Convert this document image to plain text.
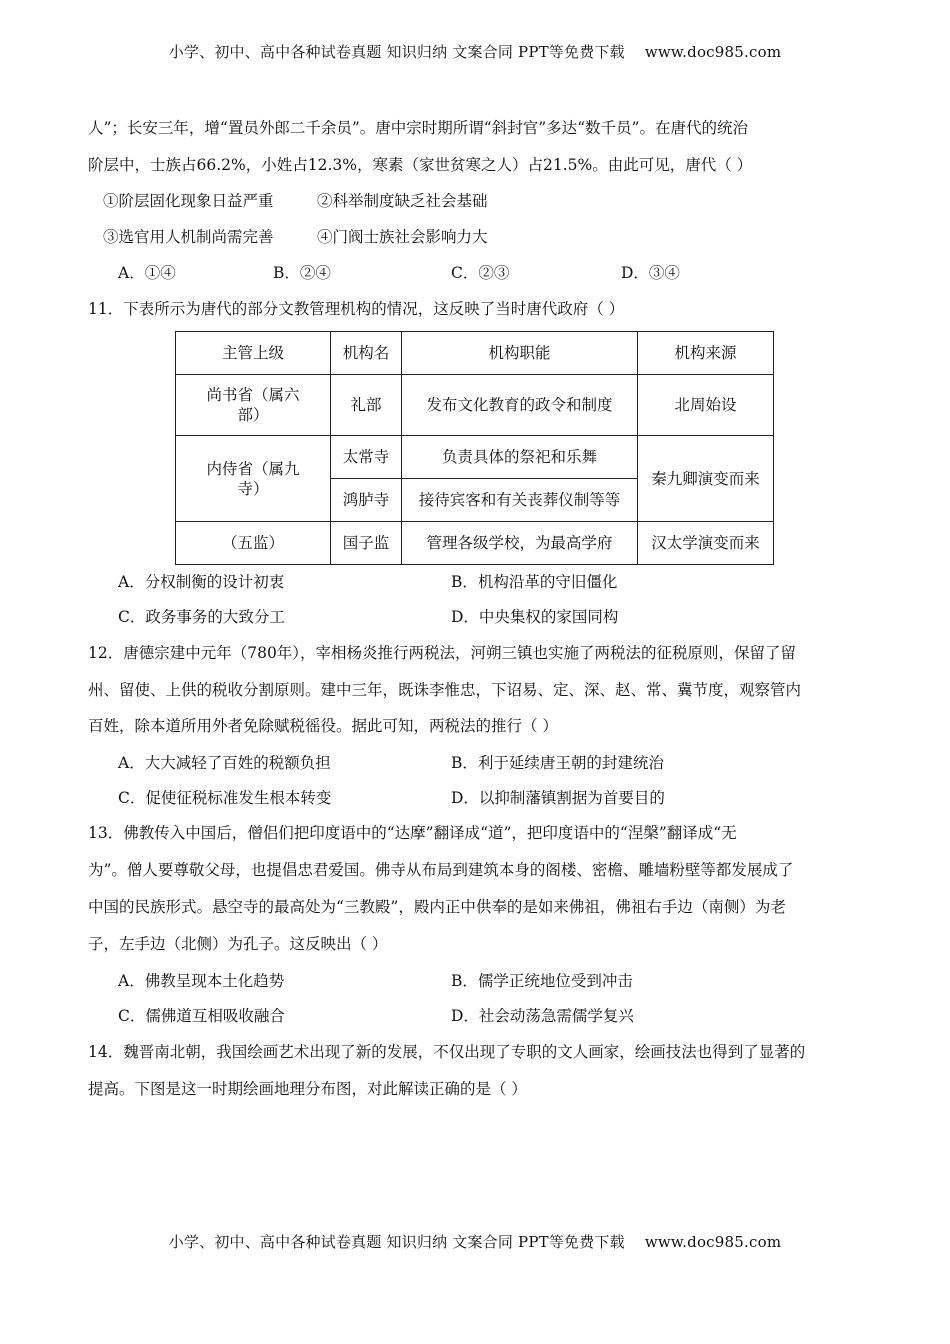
小学、初中、高中各种试卷真题 知识归纳 文案合同 PPT等免费下载 www.doc985.com
人”；长安三年，增“置员外郎二千余员”。唐中宗时期所谓“斜封官”多达“数千员”。在唐代的统治
阶层中，士族占66.2%，小姓占12.3%，寒素（家世贫寒之人）占21.5%。由此可见，唐代（ ）
①阶层固化现象日益严重	②科举制度缺乏社会基础
③选官用人机制尚需完善	④门阀士族社会影响力大
A．①④	B．②④	C．②③	D．③④
11．下表所示为唐代的部分文教管理机构的情况，这反映了当时唐代政府（ ）
主管上级	机构名	机构职能	机构来源
尚书省（属六部）	礼部	发布文化教育的政令和制度	北周始设
内侍省（属九寺）	太常寺	负责具体的祭祀和乐舞	秦九卿演变而来
	鸿胪寺	接待宾客和有关丧葬仪制等等	
（五监）	国子监	管理各级学校，为最高学府	汉太学演变而来
A．分权制衡的设计初衷	B．机构沿革的守旧僵化
C．政务事务的大致分工	D．中央集权的家国同构
12．唐德宗建中元年（780年），宰相杨炎推行两税法，河朔三镇也实施了两税法的征税原则，保留了留
州、留使、上供的税收分割原则。建中三年，既诛李惟忠，下诏易、定、深、赵、常、冀节度，观察管内
百姓，除本道所用外者免除赋税徭役。据此可知，两税法的推行（ ）
A．大大减轻了百姓的税额负担	B．利于延续唐王朝的封建统治
C．促使征税标准发生根本转变	D．以抑制藩镇割据为首要目的
13．佛教传入中国后，僧侣们把印度语中的“达摩”翻译成“道”，把印度语中的“涅槃”翻译成“无
为”。僧人要尊敬父母，也提倡忠君爱国。佛寺从布局到建筑本身的阁楼、密檐、雕墙粉壁等都发展成了
中国的民族形式。悬空寺的最高处为“三教殿”，殿内正中供奉的是如来佛祖，佛祖右手边（南侧）为老
子，左手边（北侧）为孔子。这反映出（ ）
A．佛教呈现本土化趋势	B．儒学正统地位受到冲击
C．儒佛道互相吸收融合	D．社会动荡急需儒学复兴
14．魏晋南北朝，我国绘画艺术出现了新的发展，不仅出现了专职的文人画家，绘画技法也得到了显著的
提高。下图是这一时期绘画地理分布图，对此解读正确的是（ ）
小学、初中、高中各种试卷真题 知识归纳 文案合同 PPT等免费下载 www.doc985.com
